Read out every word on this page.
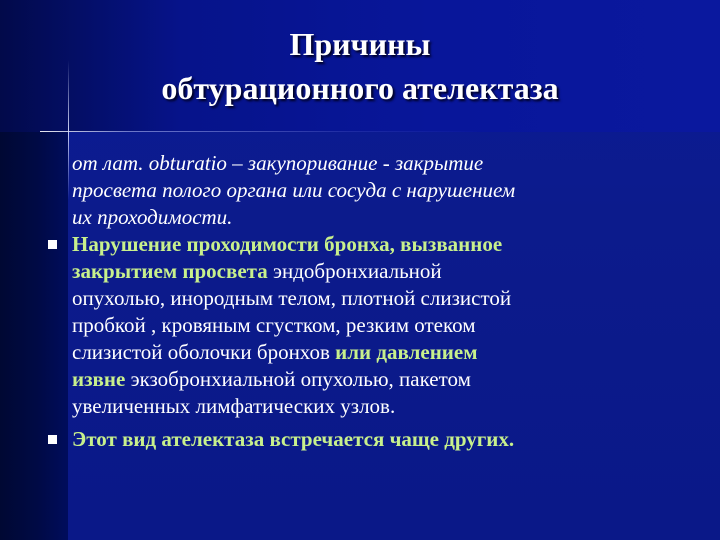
Причины
обтурационного ателектаза
от лат. obturatio – закупоривание - закрытие
просвета полого органа или сосуда с нарушением
их проходимости.
Нарушение проходимости бронха, вызванное
закрытием просвета эндобронхиальной
опухолью, инородным телом, плотной слизистой
пробкой , кровяным сгустком, резким отеком
слизистой оболочки бронхов или давлением
извне экзобронхиальной опухолью, пакетом
увеличенных лимфатических узлов.
Этот вид ателектаза встречается чаще других.
